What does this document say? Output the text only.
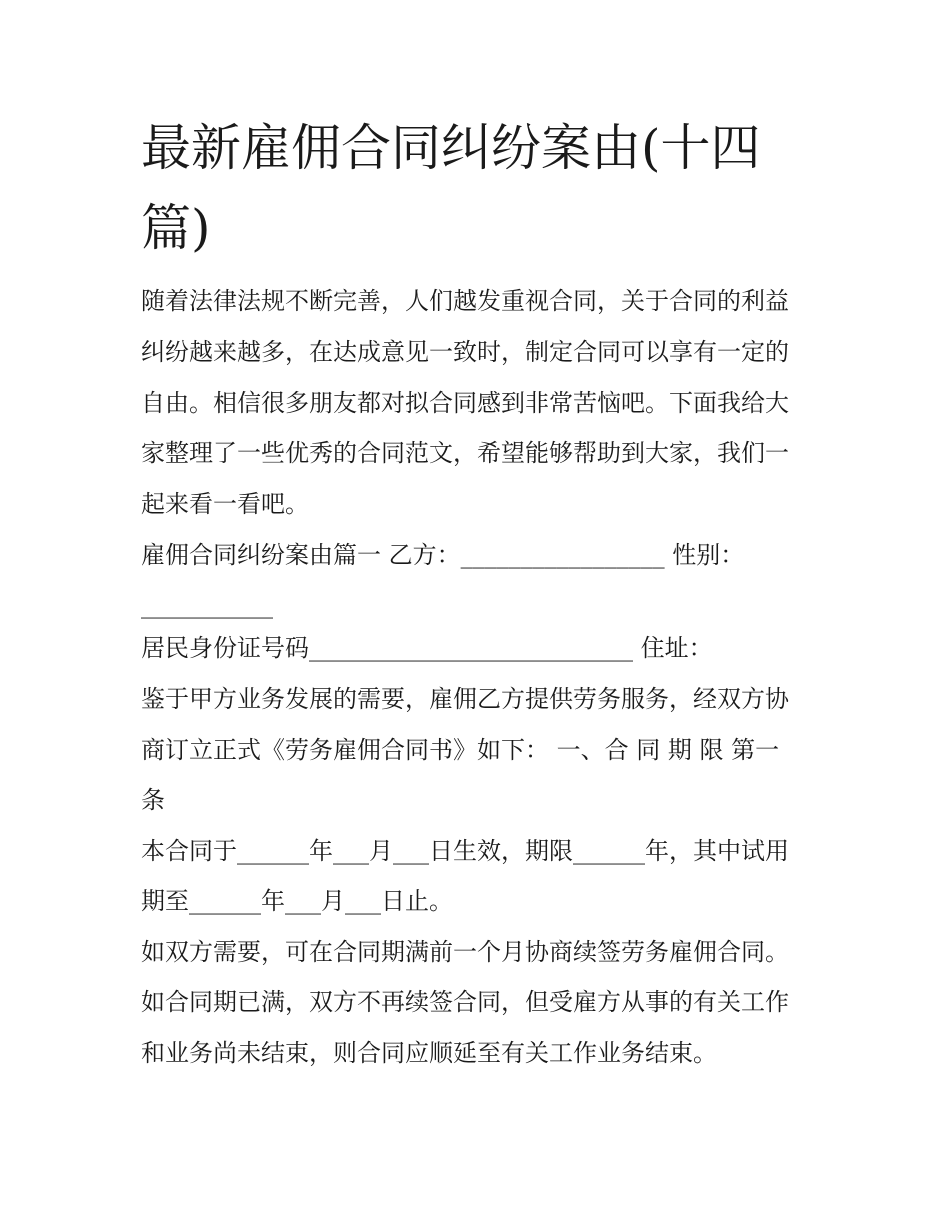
最新雇佣合同纠纷案由(十四
篇)

随着法律法规不断完善，人们越发重视合同，关于合同的利益

纠纷越来越多，在达成意见一致时，制定合同可以享有一定的

自由。相信很多朋友都对拟合同感到非常苦恼吧。下面我给大

家整理了一些优秀的合同范文，希望能够帮助到大家，我们一

起来看一看吧。

雇佣合同纠纷案由篇一 乙方：_________________ 性别：

___________

居民身份证号码___________________________ 住址：

鉴于甲方业务发展的需要，雇佣乙方提供劳务服务，经双方协

商订立正式《劳务雇佣合同书》如下： 一、合 同 期 限 第一

条

本合同于______年___月___日生效，期限______年，其中试用

期至______年___月___日止。

如双方需要，可在合同期满前一个月协商续签劳务雇佣合同。

如合同期已满，双方不再续签合同，但受雇方从事的有关工作

和业务尚未结束，则合同应顺延至有关工作业务结束。
